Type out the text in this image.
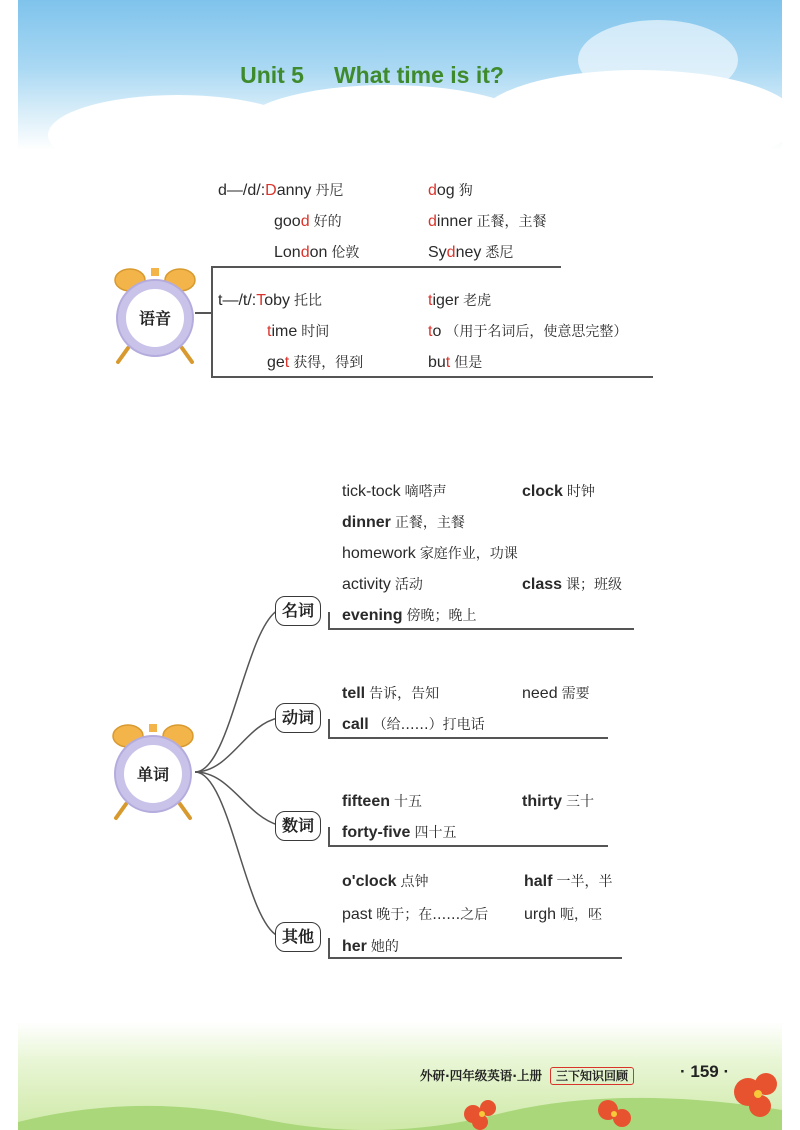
Unit 5 What time is it?
语音
d—/d/:Danny 丹尼	dog 狗
good 好的	dinner 正餐，主餐
London 伦敦	Sydney 悉尼
t—/t/:Toby 托比	tiger 老虎
time 时间	to （用于名词后，使意思完整）
get 获得，得到	but 但是
单词
名词
tick-tock 嘀嗒声	clock 时钟
dinner 正餐，主餐
homework 家庭作业，功课
activity 活动	class 课；班级
evening 傍晚；晚上
动词
tell 告诉，告知	need 需要
call （给……）打电话
数词
fifteen 十五	thirty 三十
forty-five 四十五
其他
o'clock 点钟	half 一半，半
past 晚于；在……之后 urgh 呃，呸
her 她的
外研·四年级英语·上册 三下知识回顾	· 159 ·
